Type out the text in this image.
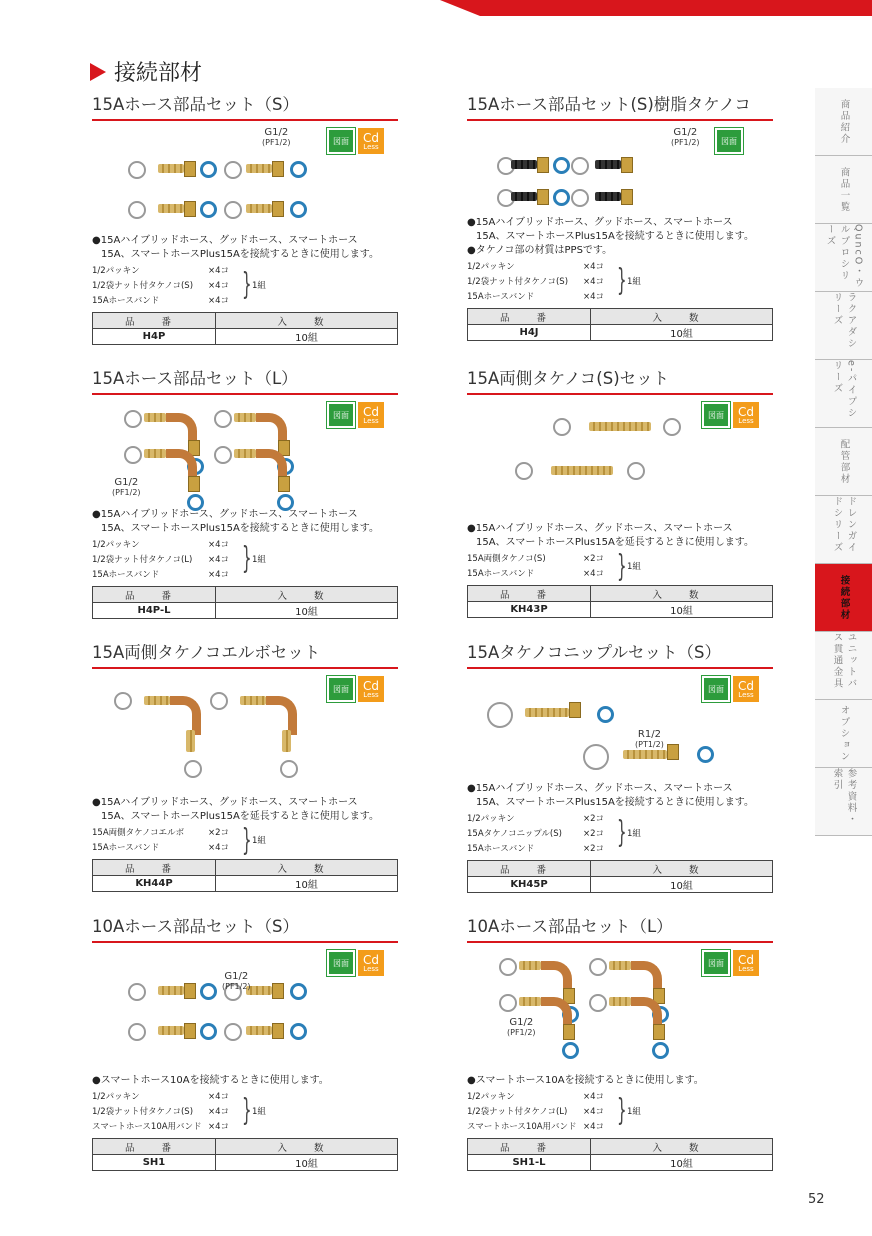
接続部材
商品紹介
商品一覧
QuncO・ウルプロシリーズ
ラクアダシリーズ
e-パイプシリーズ
配管部材
ドレンガイドシリーズ
接続部材
ユニットバス貫通金具
オプション
参考資料・索引
15Aホース部品セット（S）
G1/2
(PF1/2)	図面	Cd
Less
●15Aハイブリッドホース、グッドホース、スマートホース
15A、スマートホースPlus15Aを接続するときに使用します。
1/2パッキン	×4コ
1/2袋ナット付タケノコ(S)	×4コ
15Aホースバンド	×4コ } 1組
品 番	入 数
H4P	10組
15Aホース部品セット(S)樹脂タケノコ
G1/2
(PF1/2)	図面
●15Aハイブリッドホース、グッドホース、スマートホース
15A、スマートホースPlus15Aを接続するときに使用します。
●タケノコ部の材質はPPSです。
1/2パッキン	×4コ
1/2袋ナット付タケノコ(S)	×4コ
15Aホースバンド	×4コ } 1組
品 番	入 数
H4J	10組
15Aホース部品セット（L）
G1/2
(PF1/2)
図面	Cd
Less
●15Aハイブリッドホース、グッドホース、スマートホース
15A、スマートホースPlus15Aを接続するときに使用します。
1/2パッキン	×4コ
1/2袋ナット付タケノコ(L)	×4コ
15Aホースバンド	×4コ } 1組
品 番	入 数
H4P-L	10組
15A両側タケノコ(S)セット
図面	Cd
Less
●15Aハイブリッドホース、グッドホース、スマートホース
15A、スマートホースPlus15Aを延長するときに使用します。
15A両側タケノコ(S)	×2コ
15Aホースバンド	×4コ } 1組
品 番	入 数
KH43P	10組
15A両側タケノコエルボセット
図面	Cd
Less
●15Aハイブリッドホース、グッドホース、スマートホース
15A、スマートホースPlus15Aを延長するときに使用します。
15A両側タケノコエルボ	×2コ
15Aホースバンド	×4コ } 1組
品 番	入 数
KH44P	10組
15Aタケノコニップルセット（S）
R1/2
(PT1/2)
図面	Cd
Less
●15Aハイブリッドホース、グッドホース、スマートホース
15A、スマートホースPlus15Aを接続するときに使用します。
1/2パッキン	×2コ
15Aタケノコニップル(S)	×2コ
15Aホースバンド	×2コ } 1組
品 番	入 数
KH45P	10組
10Aホース部品セット（S）
G1/2
(PF1/2)
図面	Cd
Less
●スマートホース10Aを接続するときに使用します。
1/2パッキン	×4コ
1/2袋ナット付タケノコ(S)	×4コ
スマートホース10A用バンド ×4コ } 1組
品 番	入 数
SH1	10組
10Aホース部品セット（L）
G1/2
(PF1/2)
図面	Cd
Less
●スマートホース10Aを接続するときに使用します。
1/2パッキン	×4コ
1/2袋ナット付タケノコ(L)	×4コ
スマートホース10A用バンド ×4コ } 1組
品 番	入 数
SH1-L	10組
52
